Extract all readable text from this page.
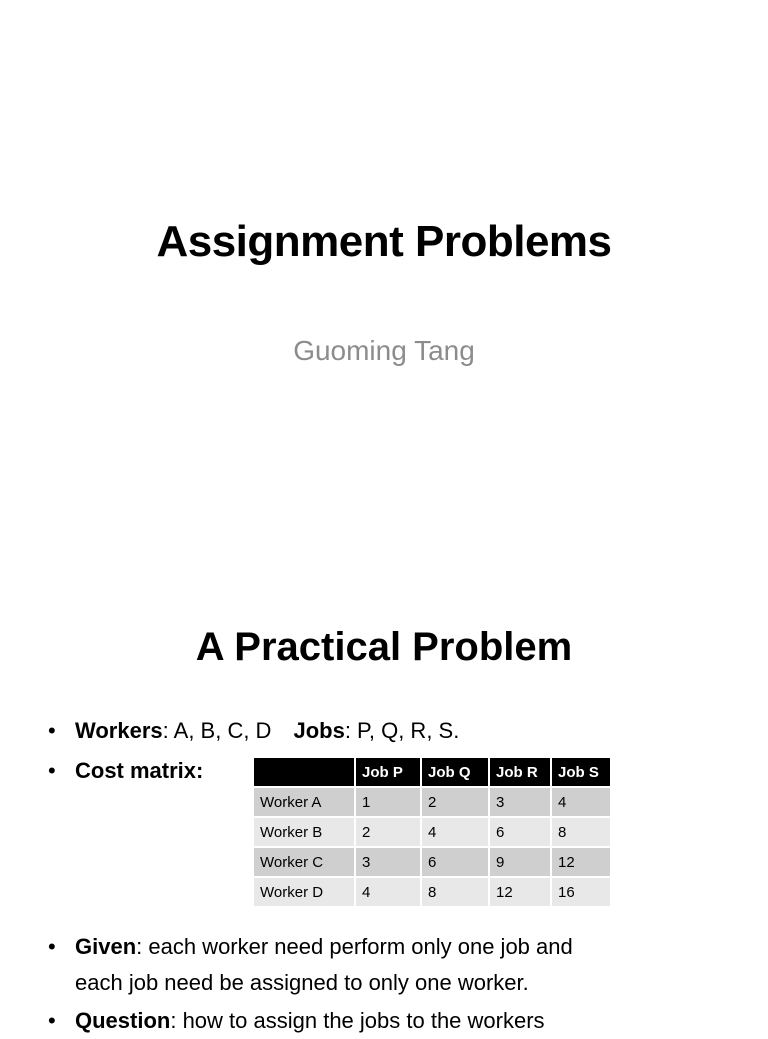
Assignment Problems
Guoming Tang
A Practical Problem
• Workers: A, B, C, D Jobs: P, Q, R, S.
• Cost matrix:
		Job P	Job Q	Job R	Job S
Worker A	1	2	3	4
Worker B	2	4	6	8
Worker C	3	6	9	12
Worker D	4	8	12	16
• Given: each worker need perform only one job and
each job need be assigned to only one worker.
• Question: how to assign the jobs to the workers
